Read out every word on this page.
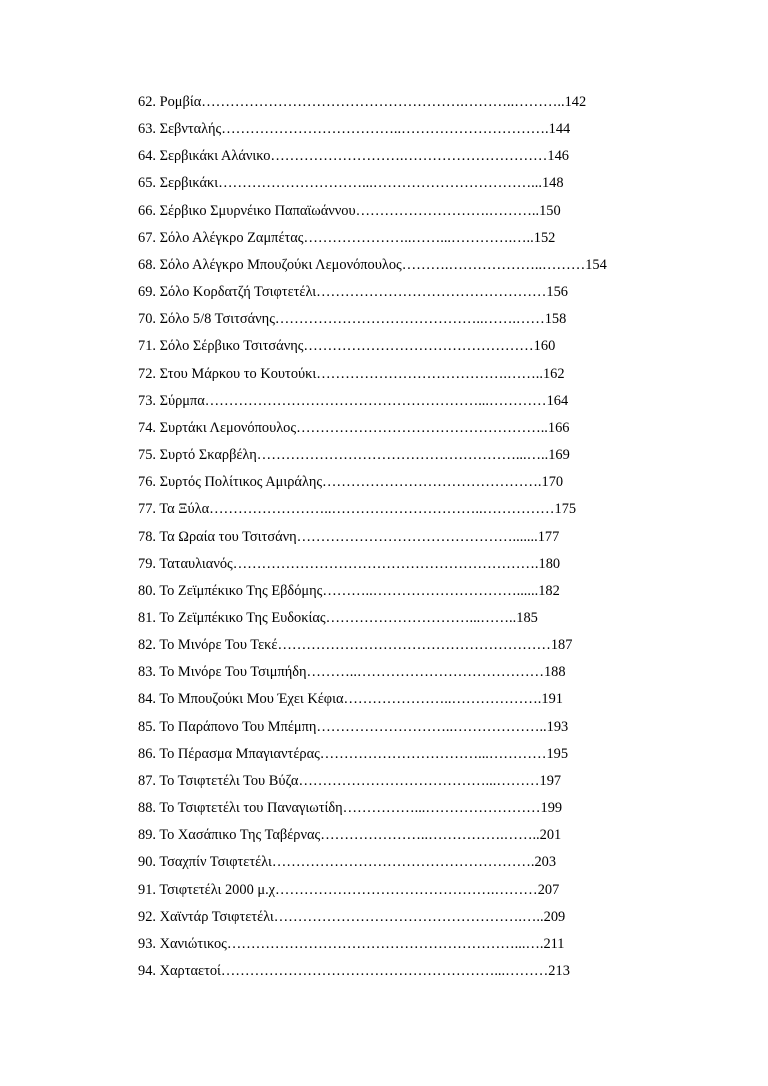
62. Ρομβία……………………………………………….………..………..142
63. Σεβνταλής………………………………..………………………….144
64. Σερβικάκι Αλάνικο……………………….…………………………146
65. Σερβικάκι…………………………...……………………………...148
66. Σέρβικο Σμυρνέικο Παπαϊωάννου……………………….………..150
67. Σόλο Αλέγκρο Ζαμπέτας…………………..……...………….…..152
68. Σόλο Αλέγκρο Μπουζούκι Λεμονόπουλος……….………………..………154
69. Σόλο Κορδατζή Τσιφτετέλι…………………………………………156
70. Σόλο 5/8 Τσιτσάνης……………………………………..…….……158
71. Σόλο Σέρβικο Τσιτσάνης…………………………………………160
72. Στου Μάρκου το Κουτούκι………………………………….……..162
73. Σύρμπα…………………………………………………...…………164
74. Συρτάκι Λεμονόπουλος……………………………………………..166
75. Συρτό Σκαρβέλη………………………………………………...…..169
76. Συρτός Πολίτικος Αμιράλης……………………………………….170
77. Τα Ξύλα……………………..…………………………..……………175
78. Τα Ωραία του Τσιτσάνη……………………………………….......177
79. Ταταυλιανός……………………………………………………….180
80. Το Ζεϊμπέκικο Της Εβδόμης………..…………………………......182
81. Το Ζεϊμπέκικο Της Ευδοκίας…………………………...……..185
82. Το Μινόρε Του Τεκέ…………………………………………………187
83. Το Μινόρε Του Τσιμπήδη………..…………………………………188
84. Το Μπουζούκι Μου Έχει Κέφια…………………..……………….191
85. Το Παράπονο Του Μπέμπη………………………..………………..193
86. Το Πέρασμα Μπαγιαντέρας……………………………...…………195
87. Το Τσιφτετέλι Του Βύζα…………………………………...………197
88. Το Τσιφτετέλι του Παναγιωτίδη……………...……………………199
89. Το Χασάπικο Της Ταβέρνας…………………..…………….……..201
90. Τσαχπίν Τσιφτετέλι……………………………………………….203
91. Τσιφτετέλι 2000 μ.χ……………………………………….………207
92. Χαϊντάρ Τσιφτετέλι…………………………………………….…..209
93. Χανιώτικος……………………………………………………...….211
94. Χαρταετοί…………………………………………………...………213
